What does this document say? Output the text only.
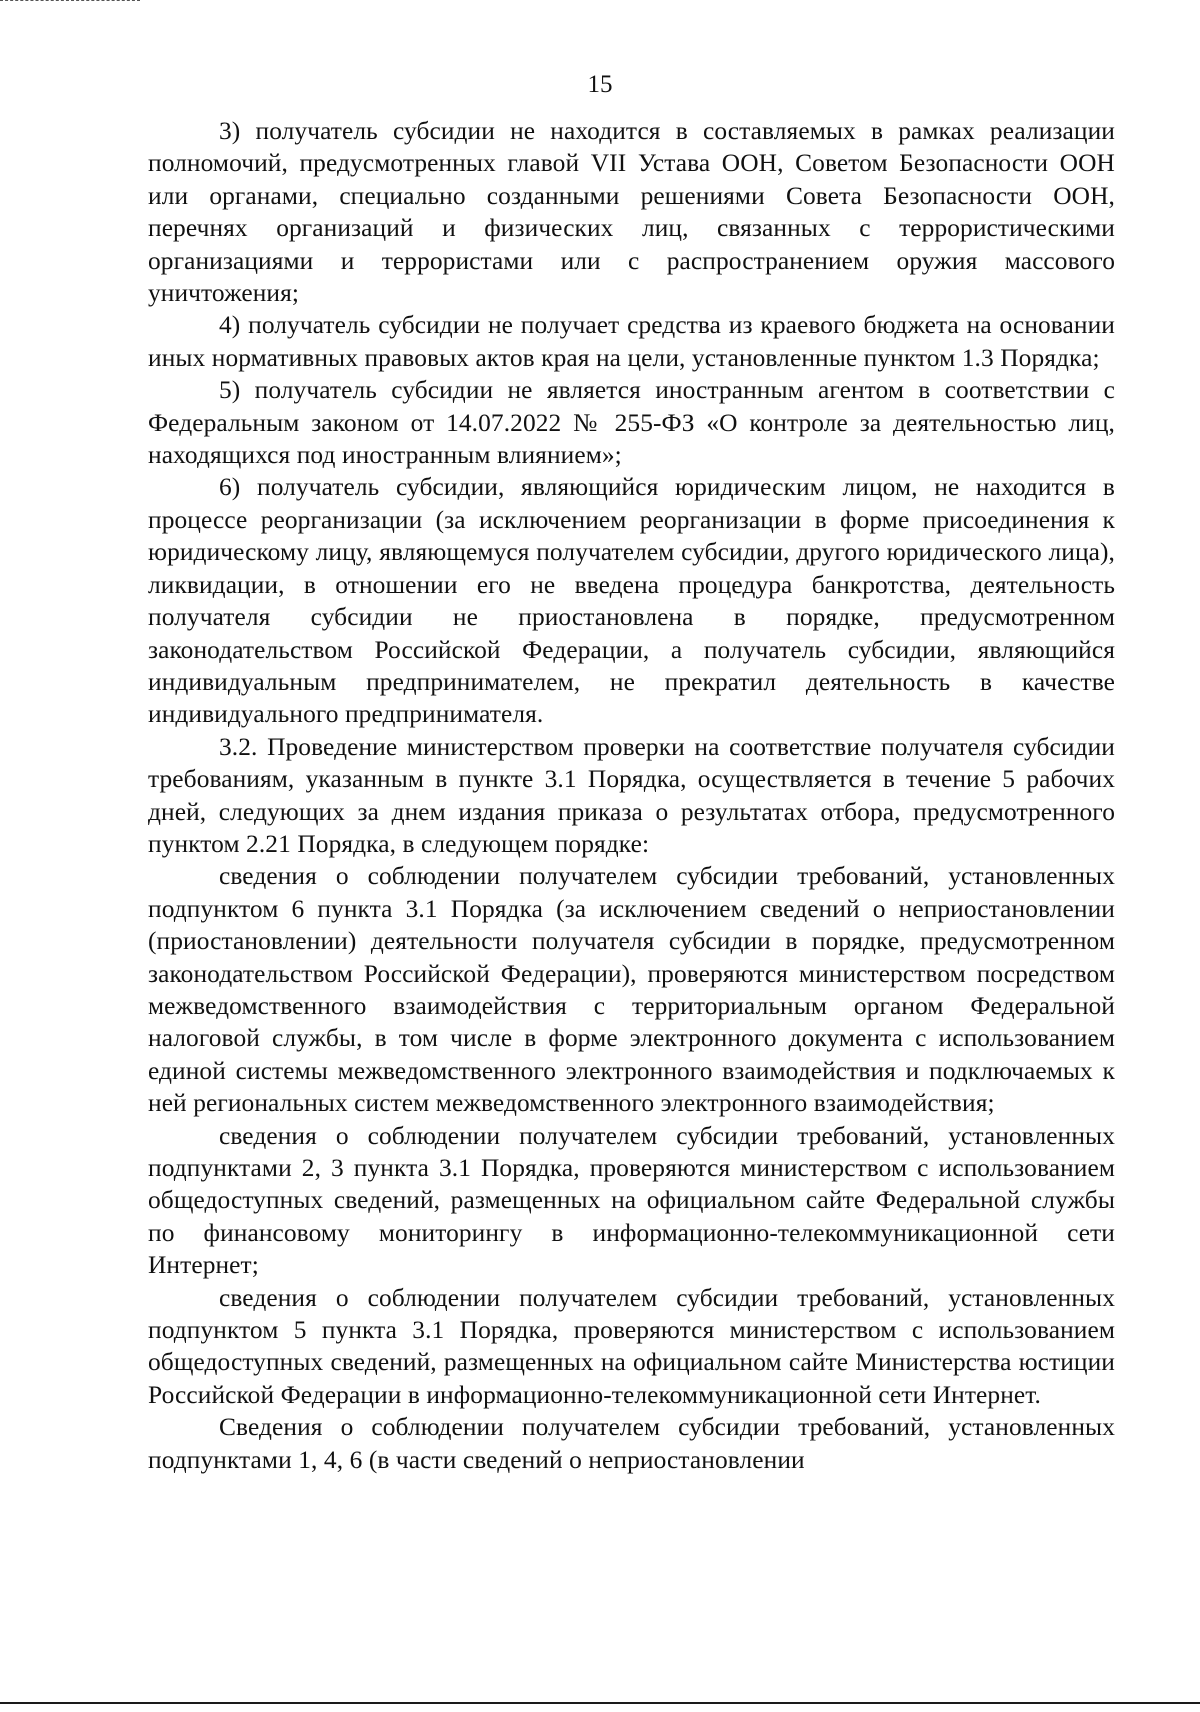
15

3) получатель субсидии не находится в составляемых в рамках реализации полномочий, предусмотренных главой VII Устава ООН, Советом Безопасности ООН или органами, специально созданными решениями Совета Безопасности ООН, перечнях организаций и физических лиц, связанных с террористическими организациями и террористами или с распространением оружия массового уничтожения;

4) получатель субсидии не получает средства из краевого бюджета на основании иных нормативных правовых актов края на цели, установленные пунктом 1.3 Порядка;

5) получатель субсидии не является иностранным агентом в соответствии с Федеральным законом от 14.07.2022 № 255-ФЗ «О контроле за деятельностью лиц, находящихся под иностранным влиянием»;

6) получатель субсидии, являющийся юридическим лицом, не находится в процессе реорганизации (за исключением реорганизации в форме присоединения к юридическому лицу, являющемуся получателем субсидии, другого юридического лица), ликвидации, в отношении его не введена процедура банкротства, деятельность получателя субсидии не приостановлена в порядке, предусмотренном законодательством Российской Федерации, а получатель субсидии, являющийся индивидуальным предпринимателем, не прекратил деятельность в качестве индивидуального предпринимателя.

3.2. Проведение министерством проверки на соответствие получателя субсидии требованиям, указанным в пункте 3.1 Порядка, осуществляется в течение 5 рабочих дней, следующих за днем издания приказа о результатах отбора, предусмотренного пунктом 2.21 Порядка, в следующем порядке:

сведения о соблюдении получателем субсидии требований, установленных подпунктом 6 пункта 3.1 Порядка (за исключением сведений о неприостановлении (приостановлении) деятельности получателя субсидии в порядке, предусмотренном законодательством Российской Федерации), проверяются министерством посредством межведомственного взаимодействия с территориальным органом Федеральной налоговой службы, в том числе в форме электронного документа с использованием единой системы межведомственного электронного взаимодействия и подключаемых к ней региональных систем межведомственного электронного взаимодействия;

сведения о соблюдении получателем субсидии требований, установленных подпунктами 2, 3 пункта 3.1 Порядка, проверяются министерством с использованием общедоступных сведений, размещенных на официальном сайте Федеральной службы по финансовому мониторингу в информационно-телекоммуникационной сети Интернет;

сведения о соблюдении получателем субсидии требований, установленных подпунктом 5 пункта 3.1 Порядка, проверяются министерством с использованием общедоступных сведений, размещенных на официальном сайте Министерства юстиции Российской Федерации в информационно-телекоммуникационной сети Интернет.

Сведения о соблюдении получателем субсидии требований, установленных подпунктами 1, 4, 6 (в части сведений о неприостановлении
